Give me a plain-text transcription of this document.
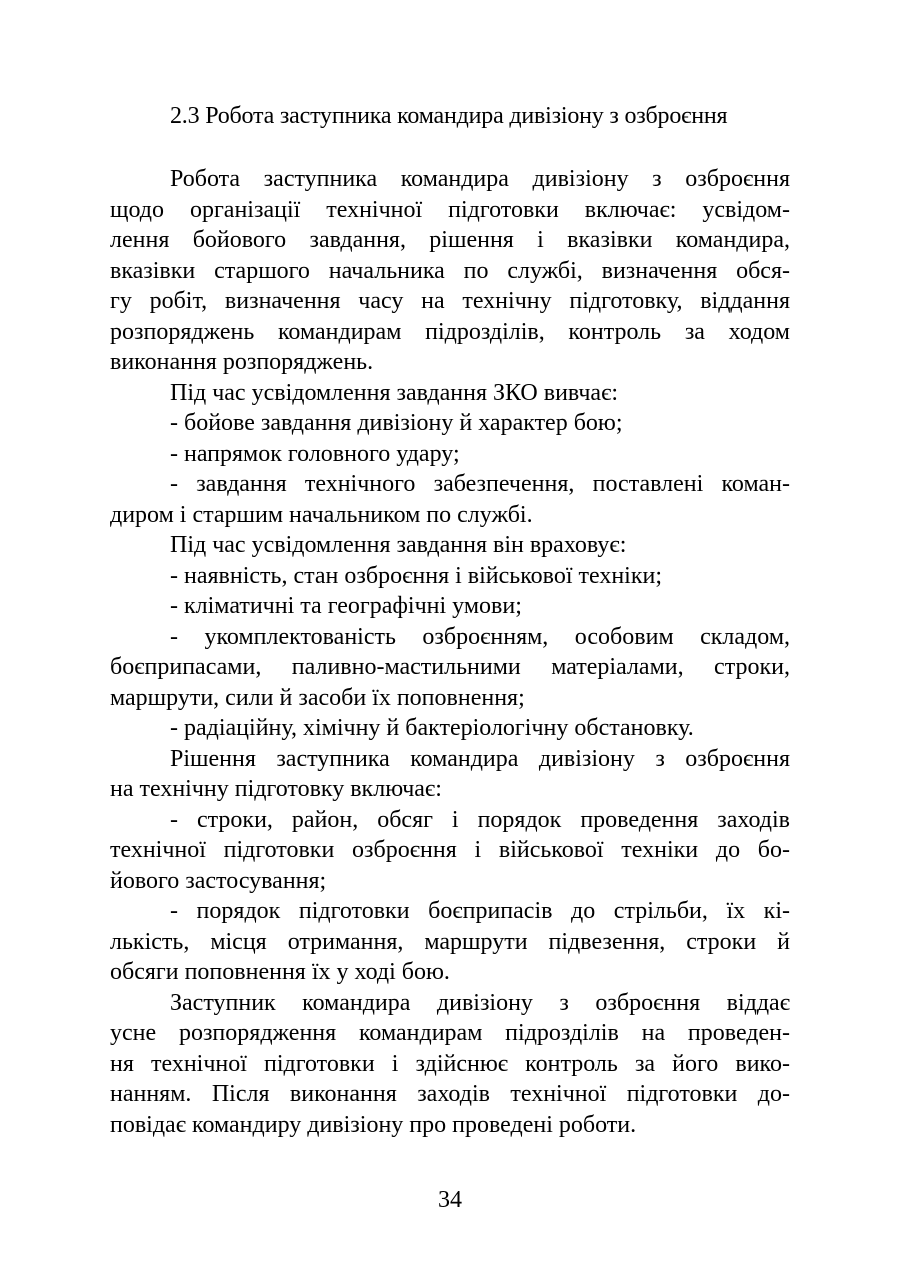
2.3 Робота заступника командира дивізіону з озброєння
Робота заступника командира дивізіону з озброєння
щодо організації технічної підготовки включає: усвідом-
лення бойового завдання, рішення і вказівки командира,
вказівки старшого начальника по службі, визначення обся-
гу робіт, визначення часу на технічну підготовку, віддання
розпоряджень командирам підрозділів, контроль за ходом
виконання розпоряджень.
Під час усвідомлення завдання ЗКО вивчає:
- бойове завдання дивізіону й характер бою;
- напрямок головного удару;
- завдання технічного забезпечення, поставлені коман-
диром і старшим начальником по службі.
Під час усвідомлення завдання він враховує:
- наявність, стан озброєння і військової техніки;
- кліматичні та географічні умови;
- укомплектованість озброєнням, особовим складом,
боєприпасами, паливно-мастильними матеріалами, строки,
маршрути, сили й засоби їх поповнення;
- радіаційну, хімічну й бактеріологічну обстановку.
Рішення заступника командира дивізіону з озброєння
на технічну підготовку включає:
- строки, район, обсяг і порядок проведення заходів
технічної підготовки озброєння і військової техніки до бо-
йового застосування;
- порядок підготовки боєприпасів до стрільби, їх кі-
лькість, місця отримання, маршрути підвезення, строки й
обсяги поповнення їх у ході бою.
Заступник командира дивізіону з озброєння віддає
усне розпорядження командирам підрозділів на проведен-
ня технічної підготовки і здійснює контроль за його вико-
нанням. Після виконання заходів технічної підготовки до-
повідає командиру дивізіону про проведені роботи.
34
